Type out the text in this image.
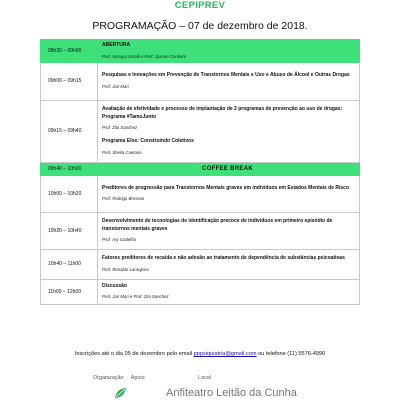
CEPIPREV
PROGRAMAÇÃO – 07 de dezembro de 2018.
08h30 – 09h00	ABERTURA
Prof. Sonaya Smaili e Prof. Quirino Cordeiro

09h00 – 09h15	Pesquisas e Inovações em Prevenção de Transtornos Mentais e Uso e Abuso de Álcool e Outras Drogas
Prof. Jair Mari

09h15 – 09h40	Avaliação de efetividade e processo de implantação de 2 programas de prevenção ao uso de drogas: Programa #TamoJunto
Prof. Zila Sanchez
Programa Elos: Construindo Coletivos
Prof. Sheila Caetano

09h40 – 10h00	COFFEE BREAK

10h00 – 10h20	Preditores de progressão para Transtornos Mentais graves em indivíduos em Estados Mentais de Risco
Prof. Rodrigo Bressan

10h20 – 10h40	Desenvolvimento de tecnologias de identificação precoce de indivíduos em primeiro episódio de transtornos mentais graves
Prof. Ary Gadelha

10h40 – 11h00	Fatores preditores de recaída e não adesão ao tratamento de dependência de substâncias psicoativas
Prof. Ronaldo Laranjeira

11h00 – 12h00	Discussão
Prof. Jair Mari e Prof. Zila Sanchez
Inscrições até o dia 05 de dezembro pelo email pppsiquiatria@gmail.com ou telefone (11) 5576-4990
Organização Apoio	Local
Anfiteatro Leitão da Cunha
